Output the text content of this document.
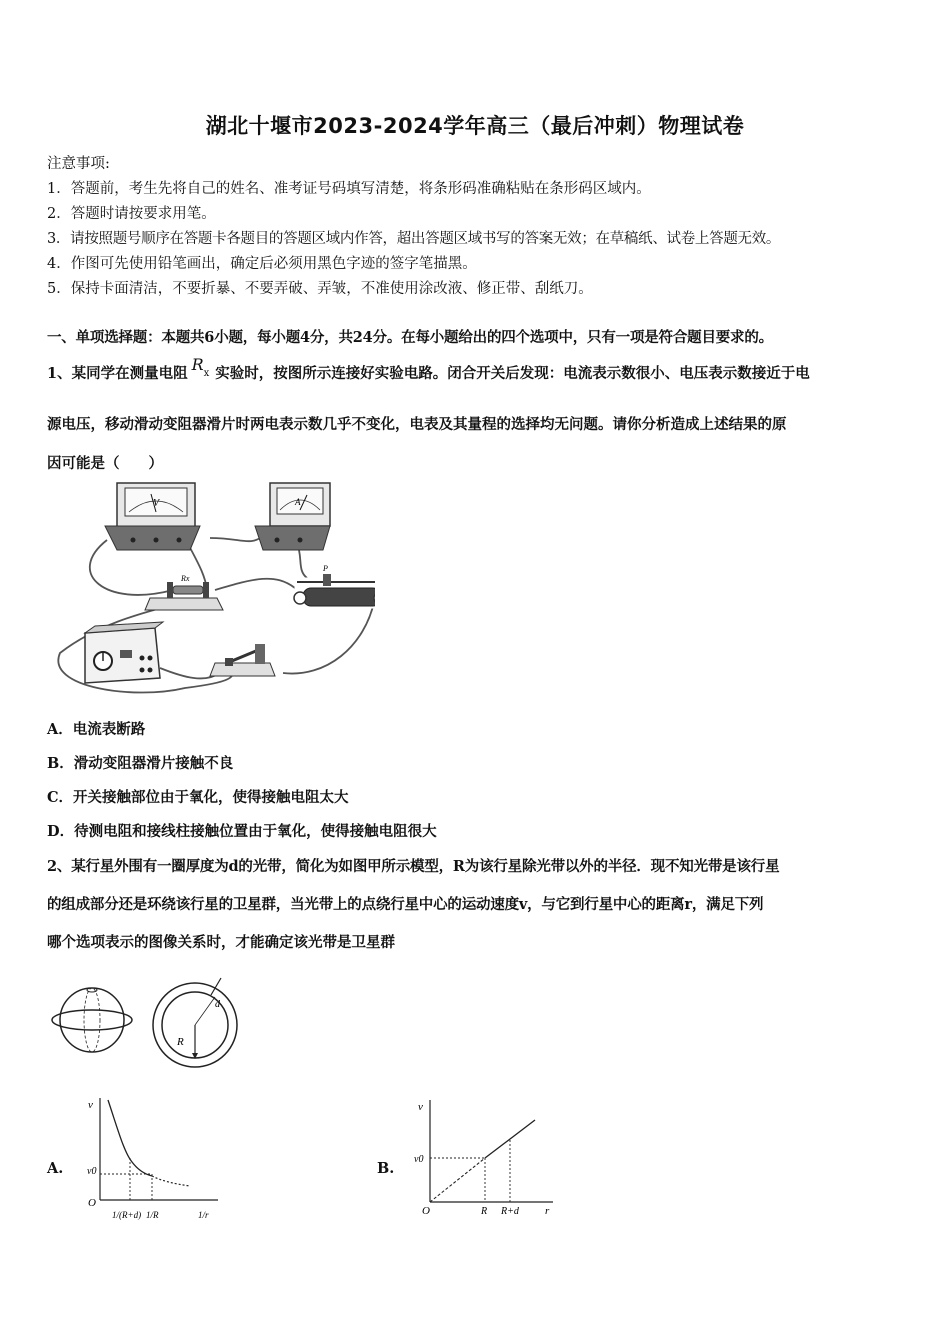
湖北十堰市2023-2024学年高三（最后冲刺）物理试卷
注意事项:
1．答题前，考生先将自己的姓名、准考证号码填写清楚，将条形码准确粘贴在条形码区域内。
2．答题时请按要求用笔。
3．请按照题号顺序在答题卡各题目的答题区域内作答，超出答题区域书写的答案无效；在草稿纸、试卷上答题无效。
4．作图可先使用铅笔画出，确定后必须用黑色字迹的签字笔描黑。
5．保持卡面清洁，不要折暴、不要弄破、弄皱，不准使用涂改液、修正带、刮纸刀。
一、单项选择题：本题共6小题，每小题4分，共24分。在每小题给出的四个选项中，只有一项是符合题目要求的。
1、某同学在测量电阻 Rx 实验时，按图所示连接好实验电路。闭合开关后发现：电流表示数很小、电压表示数接近于电
源电压，移动滑动变阻器滑片时两电表示数几乎不变化，电表及其量程的选择均无问题。请你分析造成上述结果的原
因可能是（　　）
V	A
Rx
P
A．电流表断路
B．滑动变阻器滑片接触不良
C．开关接触部位由于氧化，使得接触电阻太大
D．待测电阻和接线柱接触位置由于氧化，使得接触电阻很大
2、某行星外围有一圈厚度为d的光带，简化为如图甲所示模型，R为该行星除光带以外的半径．现不知光带是该行星
的组成部分还是环绕该行星的卫星群，当光带上的点绕行星中心的运动速度v，与它到行星中心的距离r，满足下列
哪个选项表示的图像关系时，才能确定该光带是卫星群
R
d
A.
v
v0
O
1/(R+d) 1/R	1/r
B.
v
v0
O	R R+d r
